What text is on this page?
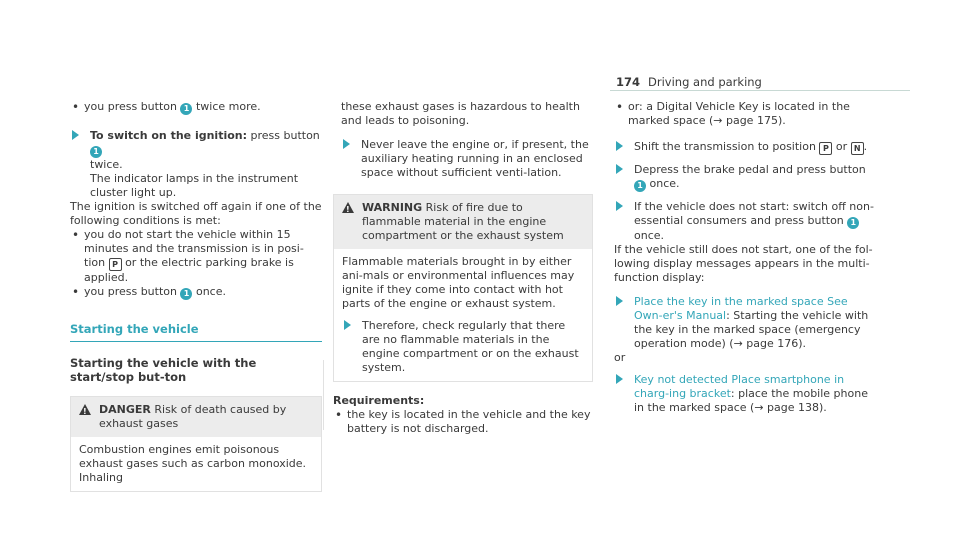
174 Driving and parking

• you press button 1 twice more.

To switch on the ignition: press button 1

twice.

The indicator lamps in the instrument cluster light up.

The ignition is switched off again if one of the following conditions is met:

• you do not start the vehicle within 15 minutes and the transmission is in posi-tion P or the electric parking brake is applied.

• you press button 1 once.

Starting the vehicle

Starting the vehicle with the start/stop but-ton

!
DANGER Risk of death caused by exhaust gases
Combustion engines emit poisonous exhaust gases such as carbon monoxide. Inhaling

these exhaust gases is hazardous to health and leads to poisoning.

Never leave the engine or, if present, the auxiliary heating running in an enclosed space without sufficient venti-lation.

!
WARNING Risk of fire due to flammable material in the engine compartment or the exhaust system

Flammable materials brought in by either ani-mals or environmental influences may ignite if they come into contact with hot parts of the engine or exhaust system.

Therefore, check regularly that there are no flammable materials in the engine compartment or on the exhaust system.

Requirements:

• the key is located in the vehicle and the key battery is not discharged.

• or: a Digital Vehicle Key is located in the marked space (→ page 175).

Shift the transmission to position P or N .

Depress the brake pedal and press button 1 once.

If the vehicle does not start: switch off non-essential consumers and press button 1 once.

If the vehicle still does not start, one of the fol-lowing display messages appears in the multi-function display:

Place the key in the marked space See Own-er's Manual: Starting the vehicle with the key in the marked space (emergency operation mode) (→ page 176).

or

Key not detected Place smartphone in charg-ing bracket: place the mobile phone in the marked space (→ page 138).
